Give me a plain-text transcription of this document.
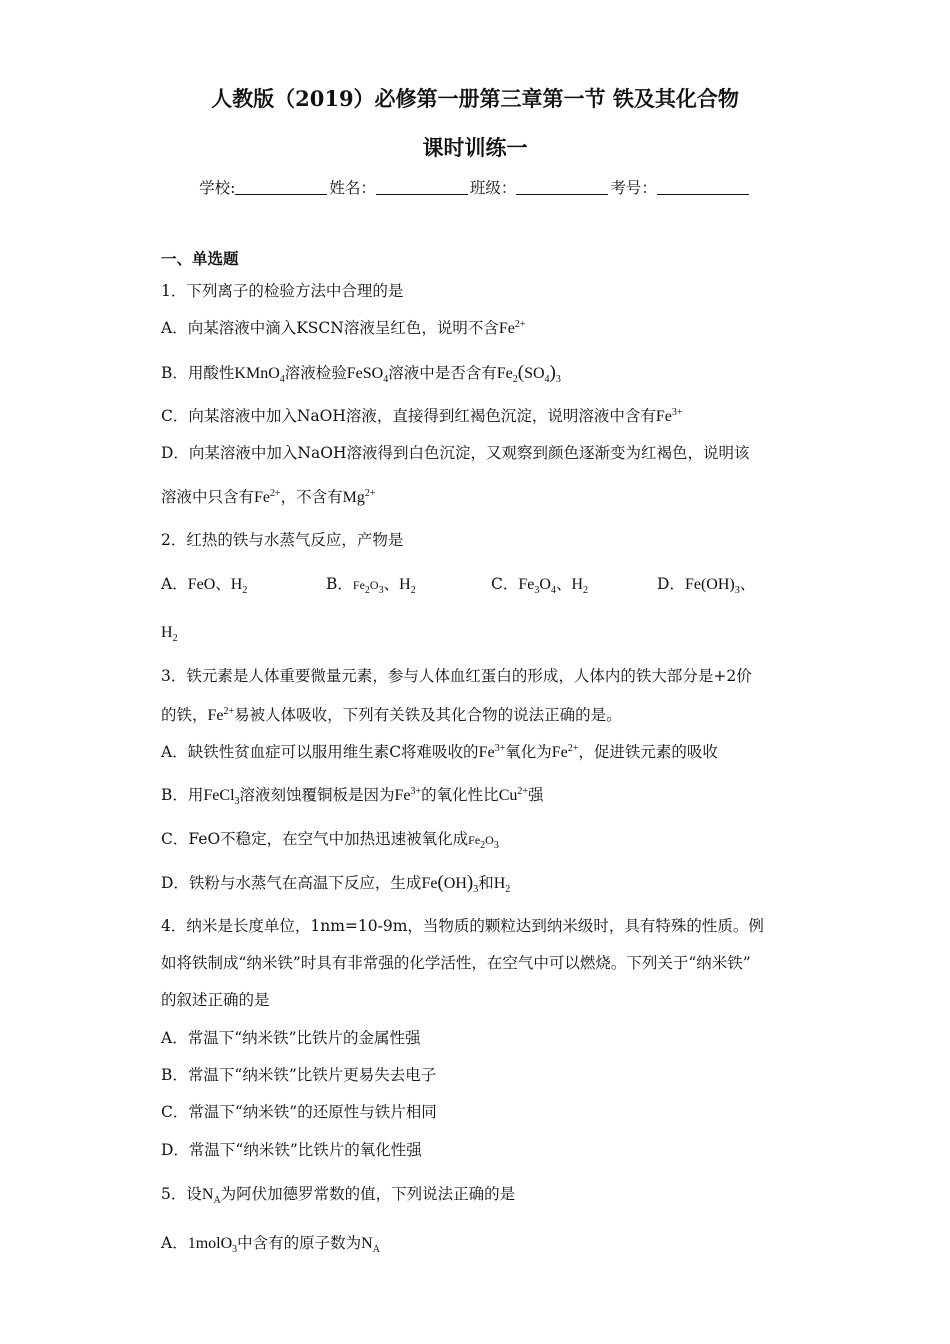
人教版（2019）必修第一册第三章第一节 铁及其化合物
课时训练一
学校:	姓名：	班级：	考号：
一、单选题
1．下列离子的检验方法中合理的是
A．向某溶液中滴入KSCN溶液呈红色，说明不含$Fe^{2+}$
B．用酸性KMnO$_4$溶液检验FeSO$_4$溶液中是否含有$Fe_2(SO_4)_3$
C．向某溶液中加入NaOH溶液，直接得到红褐色沉淀，说明溶液中含有$Fe^{3+}$
D．向某溶液中加入NaOH溶液得到白色沉淀，又观察到颜色逐渐变为红褐色，说明该
溶液中只含有$Fe^{2+}$，不含有$Mg^{2+}$
2．红热的铁与水蒸气反应，产物是
A．FeO、$H_2$	B．$Fe_2O_3$、$H_2$	C．$Fe_3O_4$、$H_2$	D．$Fe(OH)_3$、
$H_2$
3．铁元素是人体重要微量元素，参与人体血红蛋白的形成，人体内的铁大部分是+2价
的铁，$Fe^{2+}$易被人体吸收，下列有关铁及其化合物的说法正确的是。
A．缺铁性贫血症可以服用维生素C将难吸收的$Fe^{3+}$氧化为$Fe^{2+}$，促进铁元素的吸收
B．用FeCl$_3$溶液刻蚀覆铜板是因为$Fe^{3+}$的氧化性比$Cu^{2+}$强
C．FeO不稳定，在空气中加热迅速被氧化成$Fe_2O_3$
D．铁粉与水蒸气在高温下反应，生成$Fe(OH)_3$和$H_2$
4．纳米是长度单位，1nm=10-9m，当物质的颗粒达到纳米级时，具有特殊的性质。例
如将铁制成“纳米铁”时具有非常强的化学活性，在空气中可以燃烧。下列关于“纳米铁”
的叙述正确的是
A．常温下“纳米铁”比铁片的金属性强
B．常温下“纳米铁”比铁片更易失去电子
C．常温下“纳米铁”的还原性与铁片相同
D．常温下“纳米铁”比铁片的氧化性强
5．设$N_A$为阿伏加德罗常数的值，下列说法正确的是
A．1molO$_3$中含有的原子数为$N_A$
